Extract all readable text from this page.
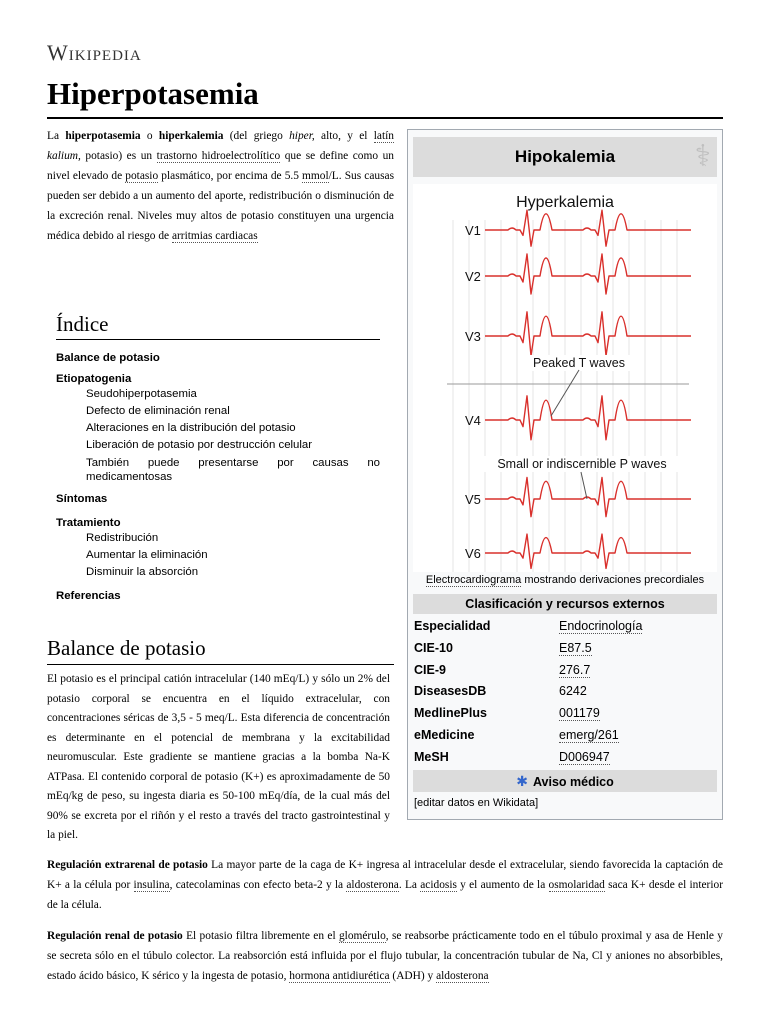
Wikipedia
Hiperpotasemia
La hiperpotasemia o hiperkalemia (del griego hiper, alto, y el latín kalium, potasio) es un trastorno hidroelectrolítico que se define como un nivel elevado de potasio plasmático, por encima de 5.5 mmol/L. Sus causas pueden ser debido a un aumento del aporte, redistribución o disminución de la excreción renal. Niveles muy altos de potasio constituyen una urgencia médica debido al riesgo de arritmias cardiacas
Índice
Balance de potasio
Etiopatogenia
Seudohiperpotasemia
Defecto de eliminación renal
Alteraciones en la distribución del potasio
Liberación de potasio por destrucción celular
También puede presentarse por causas no medicamentosas
Síntomas
Tratamiento
Redistribución
Aumentar la eliminación
Disminuir la absorción
Referencias
Balance de potasio
El potasio es el principal catión intracelular (140 mEq/L) y sólo un 2% del potasio corporal se encuentra en el líquido extracelular, con concentraciones séricas de 3,5 - 5 meq/L. Esta diferencia de concentración es determinante en el potencial de membrana y la excitabilidad neuromuscular. Este gradiente se mantiene gracias a la bomba Na-K ATPasa. El contenido corporal de potasio (K+) es aproximadamente de 50 mEq/kg de peso, su ingesta diaria es 50-100 mEq/día, de la cual más del 90% se excreta por el riñón y el resto a través del tracto gastrointestinal y la piel.
Regulación extrarenal de potasio La mayor parte de la caga de K+ ingresa al intracelular desde el extracelular, siendo favorecida la captación de K+ a la célula por insulina, catecolaminas con efecto beta-2 y la aldosterona. La acidosis y el aumento de la osmolaridad saca K+ desde el interior de la célula.
Regulación renal de potasio El potasio filtra libremente en el glomérulo, se reabsorbe prácticamente todo en el túbulo proximal y asa de Henle y se secreta sólo en el túbulo colector. La reabsorción está influida por el flujo tubular, la concentración tubular de Na, Cl y aniones no absorbibles, estado ácido básico, K sérico y la ingesta de potasio, hormona antidiurética (ADH) y aldosterona
Hipokalemia	⚕
Hyperkalemia
V1
V2
V3
V4
V5
V6
Peaked T waves
Small or indiscernible P waves
Electrocardiograma mostrando derivaciones precordiales
Clasificación y recursos externos
Especialidad	Endocrinología
CIE-10	E87.5
CIE-9	276.7
DiseasesDB	6242
MedlinePlus	001179
eMedicine	emerg/261
MeSH	D006947
✱ Aviso médico
[editar datos en Wikidata]
